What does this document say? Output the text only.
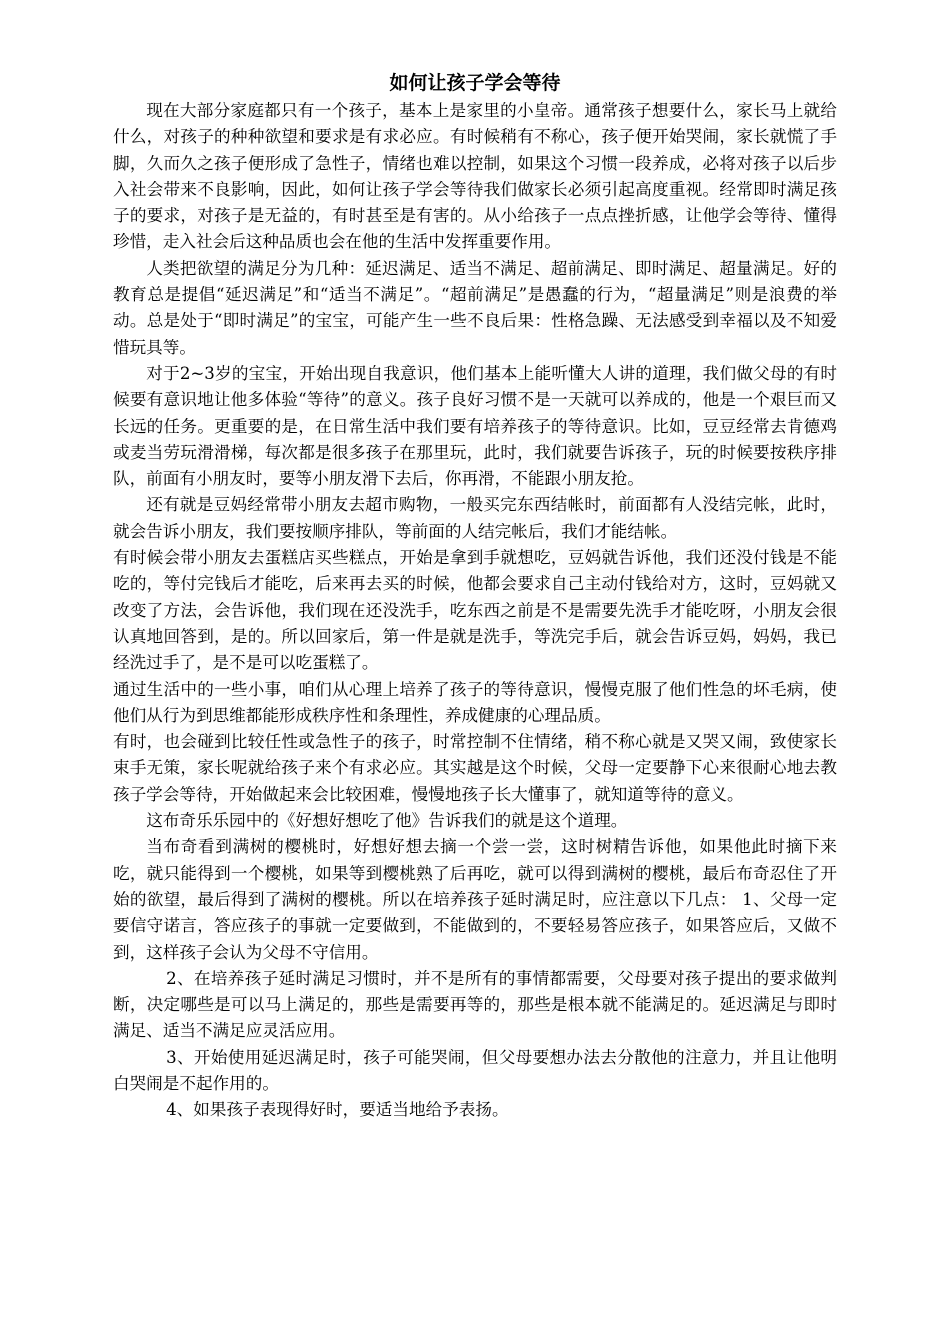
如何让孩子学会等待

现在大部分家庭都只有一个孩子，基本上是家里的小皇帝。通常孩子想要什么，家长马上就给什么，对孩子的种种欲望和要求是有求必应。有时候稍有不称心，孩子便开始哭闹，家长就慌了手脚，久而久之孩子便形成了急性子，情绪也难以控制，如果这个习惯一段养成，必将对孩子以后步入社会带来不良影响，因此，如何让孩子学会等待我们做家长必须引起高度重视。经常即时满足孩子的要求，对孩子是无益的，有时甚至是有害的。从小给孩子一点点挫折感，让他学会等待、懂得珍惜，走入社会后这种品质也会在他的生活中发挥重要作用。

人类把欲望的满足分为几种：延迟满足、适当不满足、超前满足、即时满足、超量满足。好的教育总是提倡“延迟满足”和“适当不满足”。“超前满足”是愚蠢的行为，“超量满足”则是浪费的举动。总是处于“即时满足”的宝宝，可能产生一些不良后果：性格急躁、无法感受到幸福以及不知爱惜玩具等。

对于2~3岁的宝宝，开始出现自我意识，他们基本上能听懂大人讲的道理，我们做父母的有时候要有意识地让他多体验“等待”的意义。孩子良好习惯不是一天就可以养成的，他是一个艰巨而又长远的任务。更重要的是，在日常生活中我们要有培养孩子的等待意识。比如，豆豆经常去肯德鸡或麦当劳玩滑滑梯，每次都是很多孩子在那里玩，此时，我们就要告诉孩子，玩的时候要按秩序排队，前面有小朋友时，要等小朋友滑下去后，你再滑，不能跟小朋友抢。

还有就是豆妈经常带小朋友去超市购物，一般买完东西结帐时，前面都有人没结完帐，此时，就会告诉小朋友，我们要按顺序排队，等前面的人结完帐后，我们才能结帐。

有时候会带小朋友去蛋糕店买些糕点，开始是拿到手就想吃，豆妈就告诉他，我们还没付钱是不能吃的，等付完钱后才能吃，后来再去买的时候，他都会要求自己主动付钱给对方，这时，豆妈就又改变了方法，会告诉他，我们现在还没洗手，吃东西之前是不是需要先洗手才能吃呀，小朋友会很认真地回答到，是的。所以回家后，第一件是就是洗手，等洗完手后，就会告诉豆妈，妈妈，我已经洗过手了，是不是可以吃蛋糕了。

通过生活中的一些小事，咱们从心理上培养了孩子的等待意识，慢慢克服了他们性急的坏毛病，使他们从行为到思维都能形成秩序性和条理性，养成健康的心理品质。

有时，也会碰到比较任性或急性子的孩子，时常控制不住情绪，稍不称心就是又哭又闹，致使家长束手无策，家长呢就给孩子来个有求必应。其实越是这个时候，父母一定要静下心来很耐心地去教孩子学会等待，开始做起来会比较困难，慢慢地孩子长大懂事了，就知道等待的意义。

这布奇乐乐园中的《好想好想吃了他》告诉我们的就是这个道理。

当布奇看到满树的樱桃时，好想好想去摘一个尝一尝，这时树精告诉他，如果他此时摘下来吃，就只能得到一个樱桃，如果等到樱桃熟了后再吃，就可以得到满树的樱桃，最后布奇忍住了开始的欲望，最后得到了满树的樱桃。所以在培养孩子延时满足时，应注意以下几点： 1、父母一定要信守诺言，答应孩子的事就一定要做到，不能做到的，不要轻易答应孩子，如果答应后，又做不到，这样孩子会认为父母不守信用。

2、在培养孩子延时满足习惯时，并不是所有的事情都需要，父母要对孩子提出的要求做判断，决定哪些是可以马上满足的，那些是需要再等的，那些是根本就不能满足的。延迟满足与即时满足、适当不满足应灵活应用。

3、开始使用延迟满足时，孩子可能哭闹，但父母要想办法去分散他的注意力，并且让他明白哭闹是不起作用的。

4、如果孩子表现得好时，要适当地给予表扬。
